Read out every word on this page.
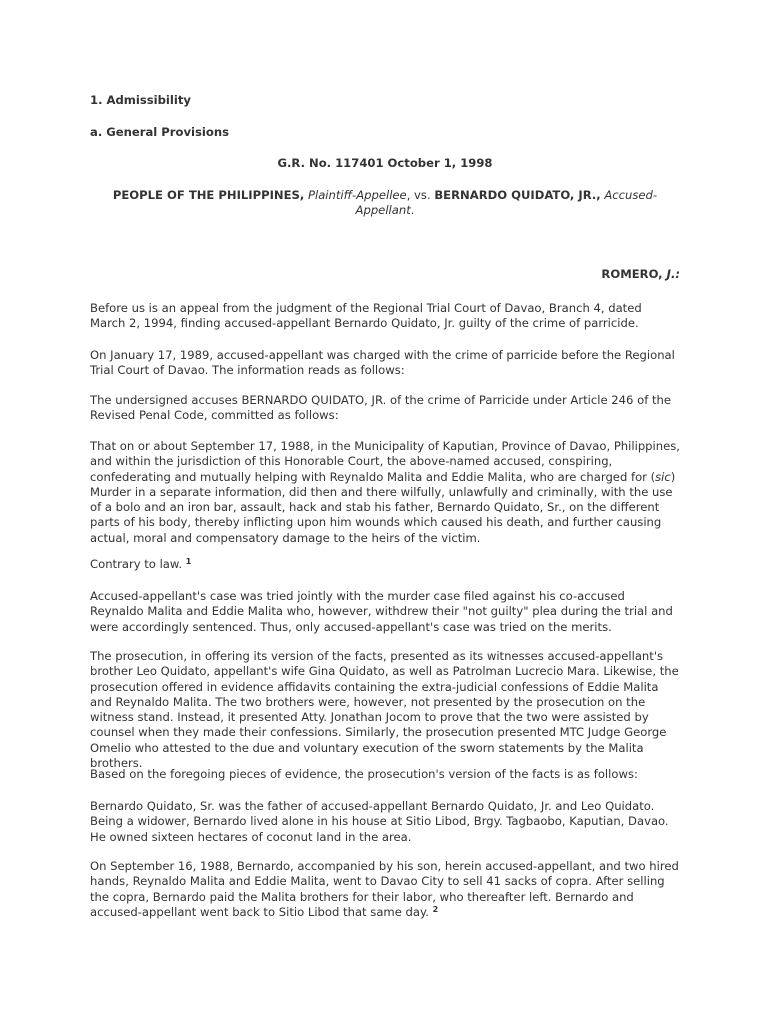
1. Admissibility

a. General Provisions

G.R. No. 117401 October 1, 1998

PEOPLE OF THE PHILIPPINES, Plaintiff-Appellee, vs. BERNARDO QUIDATO, JR., Accused-Appellant.

ROMERO, J.:

Before us is an appeal from the judgment of the Regional Trial Court of Davao, Branch 4, dated March 2, 1994, finding accused-appellant Bernardo Quidato, Jr. guilty of the crime of parricide.

On January 17, 1989, accused-appellant was charged with the crime of parricide before the Regional Trial Court of Davao. The information reads as follows:

The undersigned accuses BERNARDO QUIDATO, JR. of the crime of Parricide under Article 246 of the Revised Penal Code, committed as follows:

That on or about September 17, 1988, in the Municipality of Kaputian, Province of Davao, Philippines, and within the jurisdiction of this Honorable Court, the above-named accused, conspiring, confederating and mutually helping with Reynaldo Malita and Eddie Malita, who are charged for (sic) Murder in a separate information, did then and there wilfully, unlawfully and criminally, with the use of a bolo and an iron bar, assault, hack and stab his father, Bernardo Quidato, Sr., on the different parts of his body, thereby inflicting upon him wounds which caused his death, and further causing actual, moral and compensatory damage to the heirs of the victim.

Contrary to law. $^1$

Accused-appellant's case was tried jointly with the murder case filed against his co-accused Reynaldo Malita and Eddie Malita who, however, withdrew their "not guilty" plea during the trial and were accordingly sentenced. Thus, only accused-appellant's case was tried on the merits.

The prosecution, in offering its version of the facts, presented as its witnesses accused-appellant's brother Leo Quidato, appellant's wife Gina Quidato, as well as Patrolman Lucrecio Mara. Likewise, the prosecution offered in evidence affidavits containing the extra-judicial confessions of Eddie Malita and Reynaldo Malita. The two brothers were, however, not presented by the prosecution on the witness stand. Instead, it presented Atty. Jonathan Jocom to prove that the two were assisted by counsel when they made their confessions. Similarly, the prosecution presented MTC Judge George Omelio who attested to the due and voluntary execution of the sworn statements by the Malita brothers.

Based on the foregoing pieces of evidence, the prosecution's version of the facts is as follows:

Bernardo Quidato, Sr. was the father of accused-appellant Bernardo Quidato, Jr. and Leo Quidato. Being a widower, Bernardo lived alone in his house at Sitio Libod, Brgy. Tagbaobo, Kaputian, Davao. He owned sixteen hectares of coconut land in the area.

On September 16, 1988, Bernardo, accompanied by his son, herein accused-appellant, and two hired hands, Reynaldo Malita and Eddie Malita, went to Davao City to sell 41 sacks of copra. After selling the copra, Bernardo paid the Malita brothers for their labor, who thereafter left. Bernardo and accused-appellant went back to Sitio Libod that same day. $^2$
